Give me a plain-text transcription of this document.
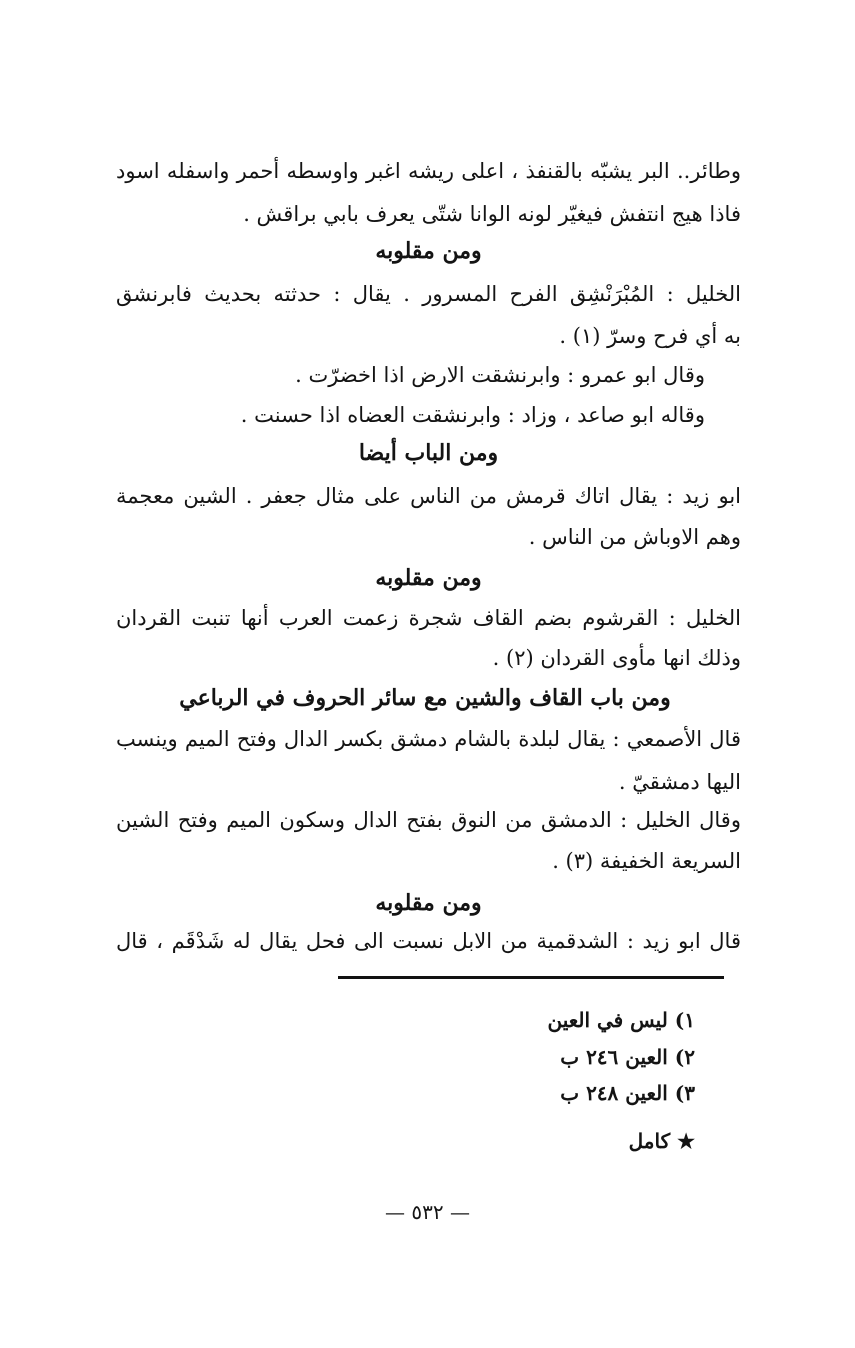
وطائر.. البر يشبّه بالقنفذ ، اعلى ريشه اغبر واوسطه أحمر واسفله اسود
فاذا هيج انتفش فيغيّر لونه الوانا شتّى يعرف بابي براقش .
ومن مقلوبه
الخليل : المُبْرَنْشِق الفرح المسرور . يقال : حدثته بحديث فابرنشق
به أي فرح وسرّ (١) .
وقال ابو عمرو : وابرنشقت الارض اذا اخضرّت .
وقاله ابو صاعد ، وزاد : وابرنشقت العضاه اذا حسنت .
ومن الباب أيضا
ابو زيد : يقال اتاك قرمش من الناس على مثال جعفر . الشين معجمة
وهم الاوباش من الناس .
ومن مقلوبه
الخليل : القرشوم بضم القاف شجرة زعمت العرب أنها تنبت القردان
وذلك انها مأوى القردان (٢) .
ومن باب القاف والشين مع سائر الحروف في الرباعي
قال الأصمعي : يقال لبلدة بالشام دمشق بكسر الدال وفتح الميم وينسب
اليها دمشقيّ .
وقال الخليل : الدمشق من النوق بفتح الدال وسكون الميم وفتح الشين
السريعة الخفيفة (٣) .
ومن مقلوبه
قال ابو زيد : الشدقمية من الابل نسبت الى فحل يقال له شَدْقَم ، قال
١) ليس في العين
٢) العين ٢٤٦ ب
٣) العين ٢٤٨ ب
★ كامل
— ٥٣٢ —
